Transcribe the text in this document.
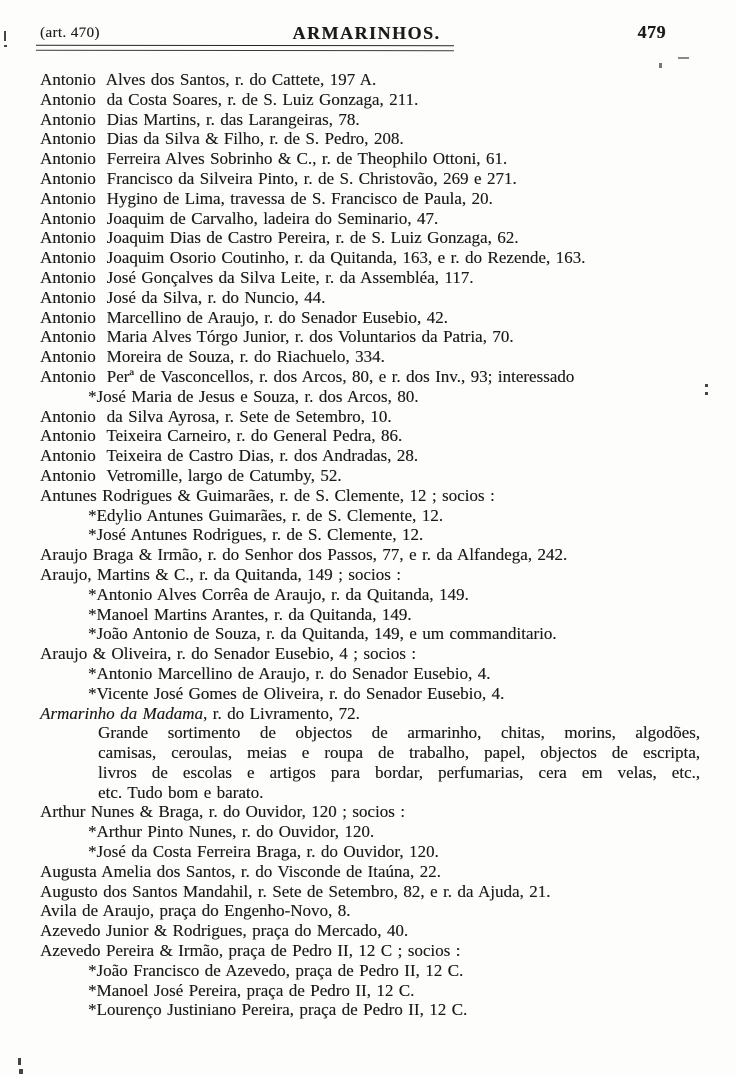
(art. 470)	ARMARINHOS.	479
Antonio  Alves dos Santos, r. do Cattete, 197 A.
Antonio  da Costa Soares, r. de S. Luiz Gonzaga, 211.
Antonio  Dias Martins, r. das Larangeiras, 78.
Antonio  Dias da Silva & Filho, r. de S. Pedro, 208.
Antonio  Ferreira Alves Sobrinho & C., r. de Theophilo Ottoni, 61.
Antonio  Francisco da Silveira Pinto, r. de S. Christovão, 269 e 271.
Antonio  Hygino de Lima, travessa de S. Francisco de Paula, 20.
Antonio  Joaquim de Carvalho, ladeira do Seminario, 47.
Antonio  Joaquim Dias de Castro Pereira, r. de S. Luiz Gonzaga, 62.
Antonio  Joaquim Osorio Coutinho, r. da Quitanda, 163, e r. do Rezende, 163.
Antonio  José Gonçalves da Silva Leite, r. da Assembléa, 117.
Antonio  José da Silva, r. do Nuncio, 44.
Antonio  Marcellino de Araujo, r. do Senador Eusebio, 42.
Antonio  Maria Alves Tórgo Junior, r. dos Voluntarios da Patria, 70.
Antonio  Moreira de Souza, r. do Riachuelo, 334.
Antonio  Perª de Vasconcellos, r. dos Arcos, 80, e r. dos Inv., 93; interessado
*José Maria de Jesus e Souza, r. dos Arcos, 80.
Antonio  da Silva Ayrosa, r. Sete de Setembro, 10.
Antonio  Teixeira Carneiro, r. do General Pedra, 86.
Antonio  Teixeira de Castro Dias, r. dos Andradas, 28.
Antonio  Vetromille, largo de Catumby, 52.
Antunes Rodrigues & Guimarães, r. de S. Clemente, 12 ; socios :
*Edylio Antunes Guimarães, r. de S. Clemente, 12.
*José Antunes Rodrigues, r. de S. Clemente, 12.
Araujo Braga & Irmão, r. do Senhor dos Passos, 77, e r. da Alfandega, 242.
Araujo, Martins & C., r. da Quitanda, 149 ; socios :
*Antonio Alves Corrêa de Araujo, r. da Quitanda, 149.
*Manoel Martins Arantes, r. da Quitanda, 149.
*João Antonio de Souza, r. da Quitanda, 149, e um commanditario.
Araujo & Oliveira, r. do Senador Eusebio, 4 ; socios :
*Antonio Marcellino de Araujo, r. do Senador Eusebio, 4.
*Vicente José Gomes de Oliveira, r. do Senador Eusebio, 4.
Armarinho da Madama, r. do Livramento, 72.
Grande sortimento de objectos de armarinho, chitas, morins, algodões,
camisas, ceroulas, meias e roupa de trabalho, papel, objectos de escripta,
livros de escolas e artigos para bordar, perfumarias, cera em velas, etc.,
etc. Tudo bom e barato.
Arthur Nunes & Braga, r. do Ouvidor, 120 ; socios :
*Arthur Pinto Nunes, r. do Ouvidor, 120.
*José da Costa Ferreira Braga, r. do Ouvidor, 120.
Augusta Amelia dos Santos, r. do Visconde de Itaúna, 22.
Augusto dos Santos Mandahil, r. Sete de Setembro, 82, e r. da Ajuda, 21.
Avila de Araujo, praça do Engenho-Novo, 8.
Azevedo Junior & Rodrigues, praça do Mercado, 40.
Azevedo Pereira & Irmão, praça de Pedro II, 12 C ; socios :
*João Francisco de Azevedo, praça de Pedro II, 12 C.
*Manoel José Pereira, praça de Pedro II, 12 C.
*Lourenço Justiniano Pereira, praça de Pedro II, 12 C.
